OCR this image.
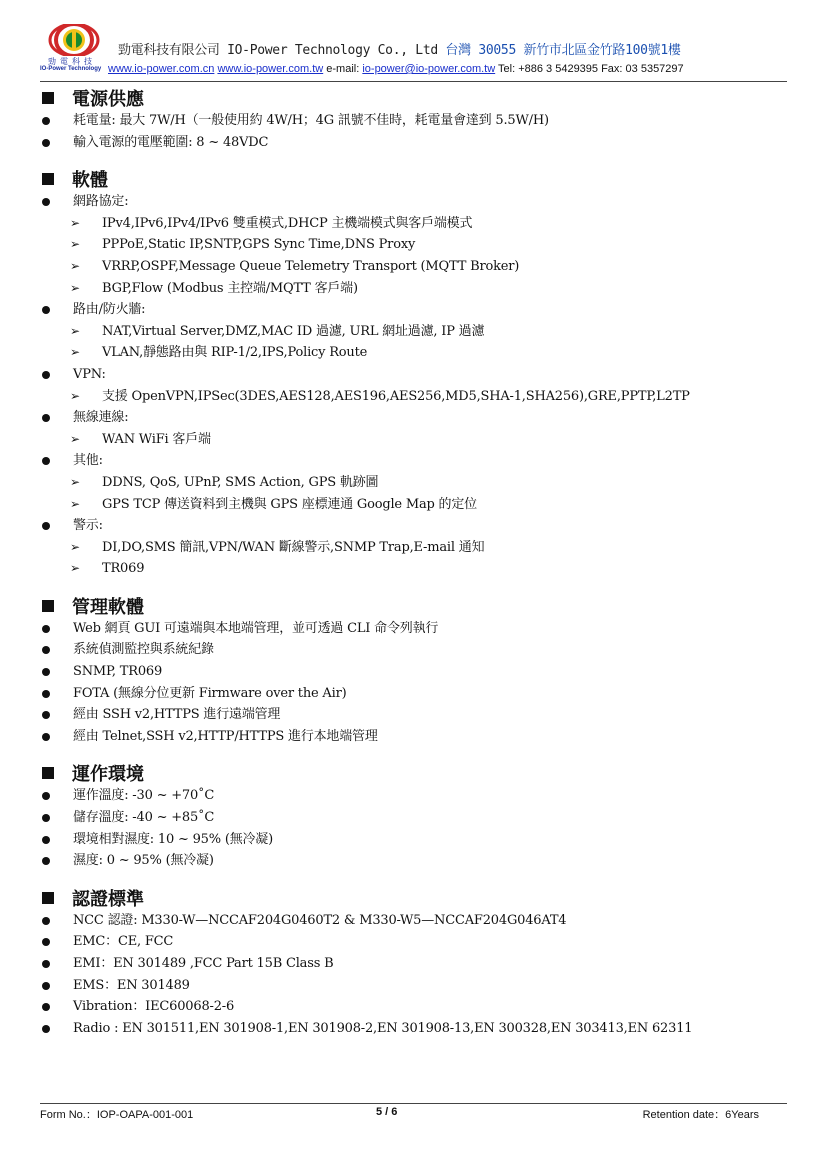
勁電科技
IO-Power Technology
勁電科技有限公司 IO-Power Technology Co., Ltd 台灣 30055 新竹市北區金竹路100號1樓
www.io-power.com.cn www.io-power.com.tw e-mail: io-power@io-power.com.tw Tel: +886 3 5429395 Fax: 03 5357297
電源供應
耗電量: 最大 7W/H（一般使用約 4W/H；4G 訊號不佳時，耗電量會達到 5.5W/H)
輸入電源的電壓範圍: 8 ~ 48VDC
軟體
網路協定:
➢ IPv4,IPv6,IPv4/IPv6 雙重模式,DHCP 主機端模式與客戶端模式
➢ PPPoE,Static IP,SNTP,GPS Sync Time,DNS Proxy
➢ VRRP,OSPF,Message Queue Telemetry Transport (MQTT Broker)
➢ BGP,Flow (Modbus 主控端/MQTT 客戶端)
路由/防火牆:
➢ NAT,Virtual Server,DMZ,MAC ID 過濾, URL 網址過濾, IP 過濾
➢ VLAN,靜態路由與 RIP-1/2,IPS,Policy Route
VPN:
➢ 支援 OpenVPN,IPSec(3DES,AES128,AES196,AES256,MD5,SHA-1,SHA256),GRE,PPTP,L2TP
無線連線:
➢ WAN WiFi 客戶端
其他:
➢ DDNS, QoS, UPnP, SMS Action, GPS 軌跡圖
➢ GPS TCP 傳送資料到主機與 GPS 座標連通 Google Map 的定位
警示:
➢ DI,DO,SMS 簡訊,VPN/WAN 斷線警示,SNMP Trap,E-mail 通知
➢ TR069
管理軟體
Web 網頁 GUI 可遠端與本地端管理，並可透過 CLI 命令列執行
系統偵測監控與系統紀錄
SNMP, TR069
FOTA (無線分位更新 Firmware over the Air)
經由 SSH v2,HTTPS 進行遠端管理
經由 Telnet,SSH v2,HTTP/HTTPS 進行本地端管理
運作環境
運作溫度: -30 ~ +70˚C
儲存溫度: -40 ~ +85˚C
環境相對濕度: 10 ~ 95% (無冷凝)
濕度: 0 ~ 95% (無冷凝)
認證標準
NCC 認證: M330-W—NCCAF204G0460T2 & M330-W5—NCCAF204G046AT4
EMC：CE, FCC
EMI：EN 301489 ,FCC Part 15B Class B
EMS：EN 301489
Vibration：IEC60068-2-6
Radio : EN 301511,EN 301908-1,EN 301908-2,EN 301908-13,EN 300328,EN 303413,EN 62311
Form No.：IOP-OAPA-001-001	5 / 6	Retention date：6Years
